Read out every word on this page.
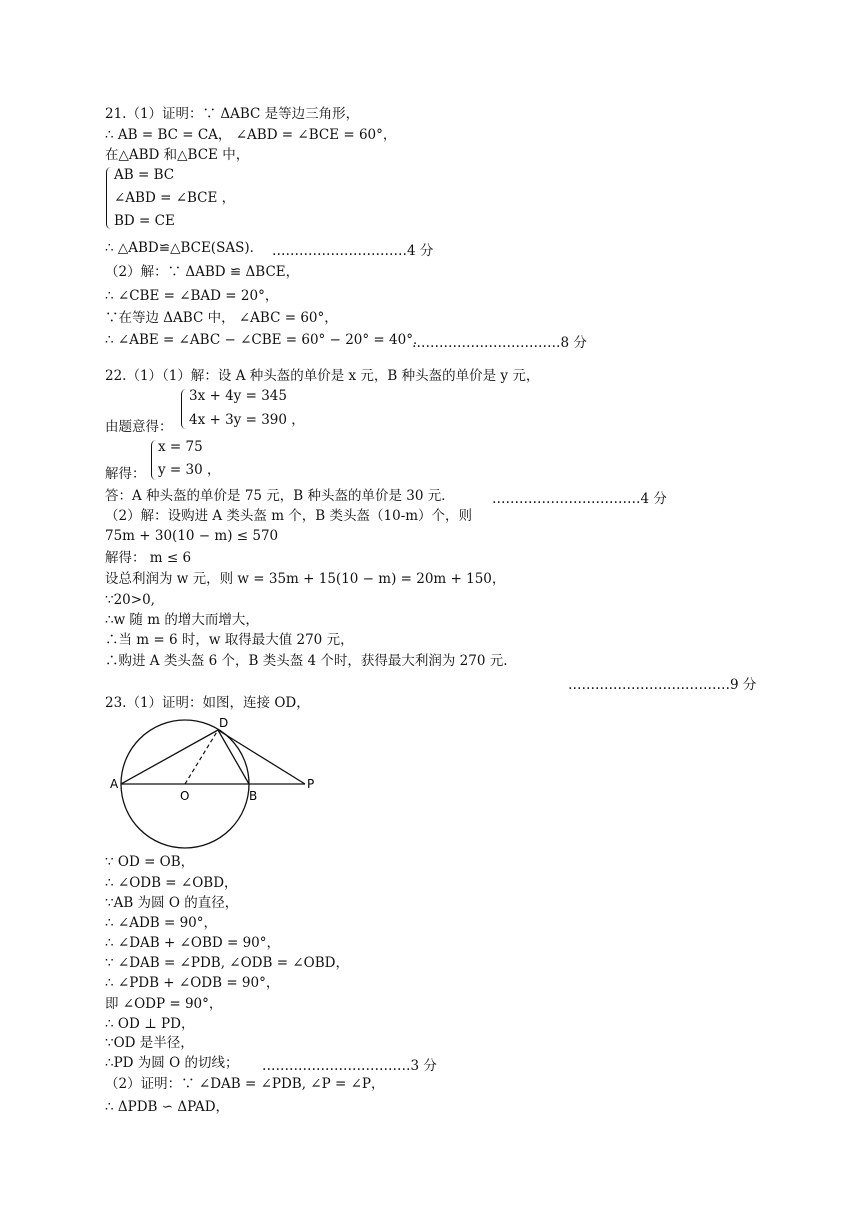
21.（1）证明：∵ ΔABC 是等边三角形，
∴ AB = BC = CA， ∠ABD = ∠BCE = 60°，
在△ABD 和△BCE 中，
AB = BC
∠ABD = ∠BCE ，
BD = CE
∴ △ABD≌△BCE(SAS)． …………………………4 分
（2）解：∵ ΔABD ≌ ΔBCE，
∴ ∠CBE = ∠BAD = 20°，
∵在等边 ΔABC 中， ∠ABC = 60°，
∴ ∠ABE = ∠ABC − ∠CBE = 60° − 20° = 40°．
……………………………8 分
22.（1）（1）解：设 A 种头盔的单价是 x 元，B 种头盔的单价是 y 元，
3x + 4y = 345
4x + 3y = 390 ，
由题意得：
x = 75
y = 30 ，
解得：
答：A 种头盔的单价是 75 元，B 种头盔的单价是 30 元．	……………………………4 分
（2）解：设购进 A 类头盔 m 个，B 类头盔（10-m）个，则
75m + 30(10 − m) ≤ 570
解得： m ≤ 6
设总利润为 w 元，则 w = 35m + 15(10 − m) = 20m + 150，
∵20>0,
∴w 随 m 的增大而增大，
∴当 m = 6 时，w 取得最大值 270 元，
∴购进 A 类头盔 6 个，B 类头盔 4 个时，获得最大利润为 270 元.
………………………………9 分
23.（1）证明：如图，连接 OD，
D
A
O	B
P
∵ OD = OB，
∴ ∠ODB = ∠OBD，
∵AB 为圆 O 的直径，
∴ ∠ADB = 90°，
∴ ∠DAB + ∠OBD = 90°，
∵ ∠DAB = ∠PDB, ∠ODB = ∠OBD，
∴ ∠PDB + ∠ODB = 90°，
即 ∠ODP = 90°，
∴ OD ⊥ PD，
∵OD 是半径，
∴PD 为圆 O 的切线； ……………………………3 分
（2）证明：∵ ∠DAB = ∠PDB, ∠P = ∠P，
∴ ΔPDB ∽ ΔPAD，
